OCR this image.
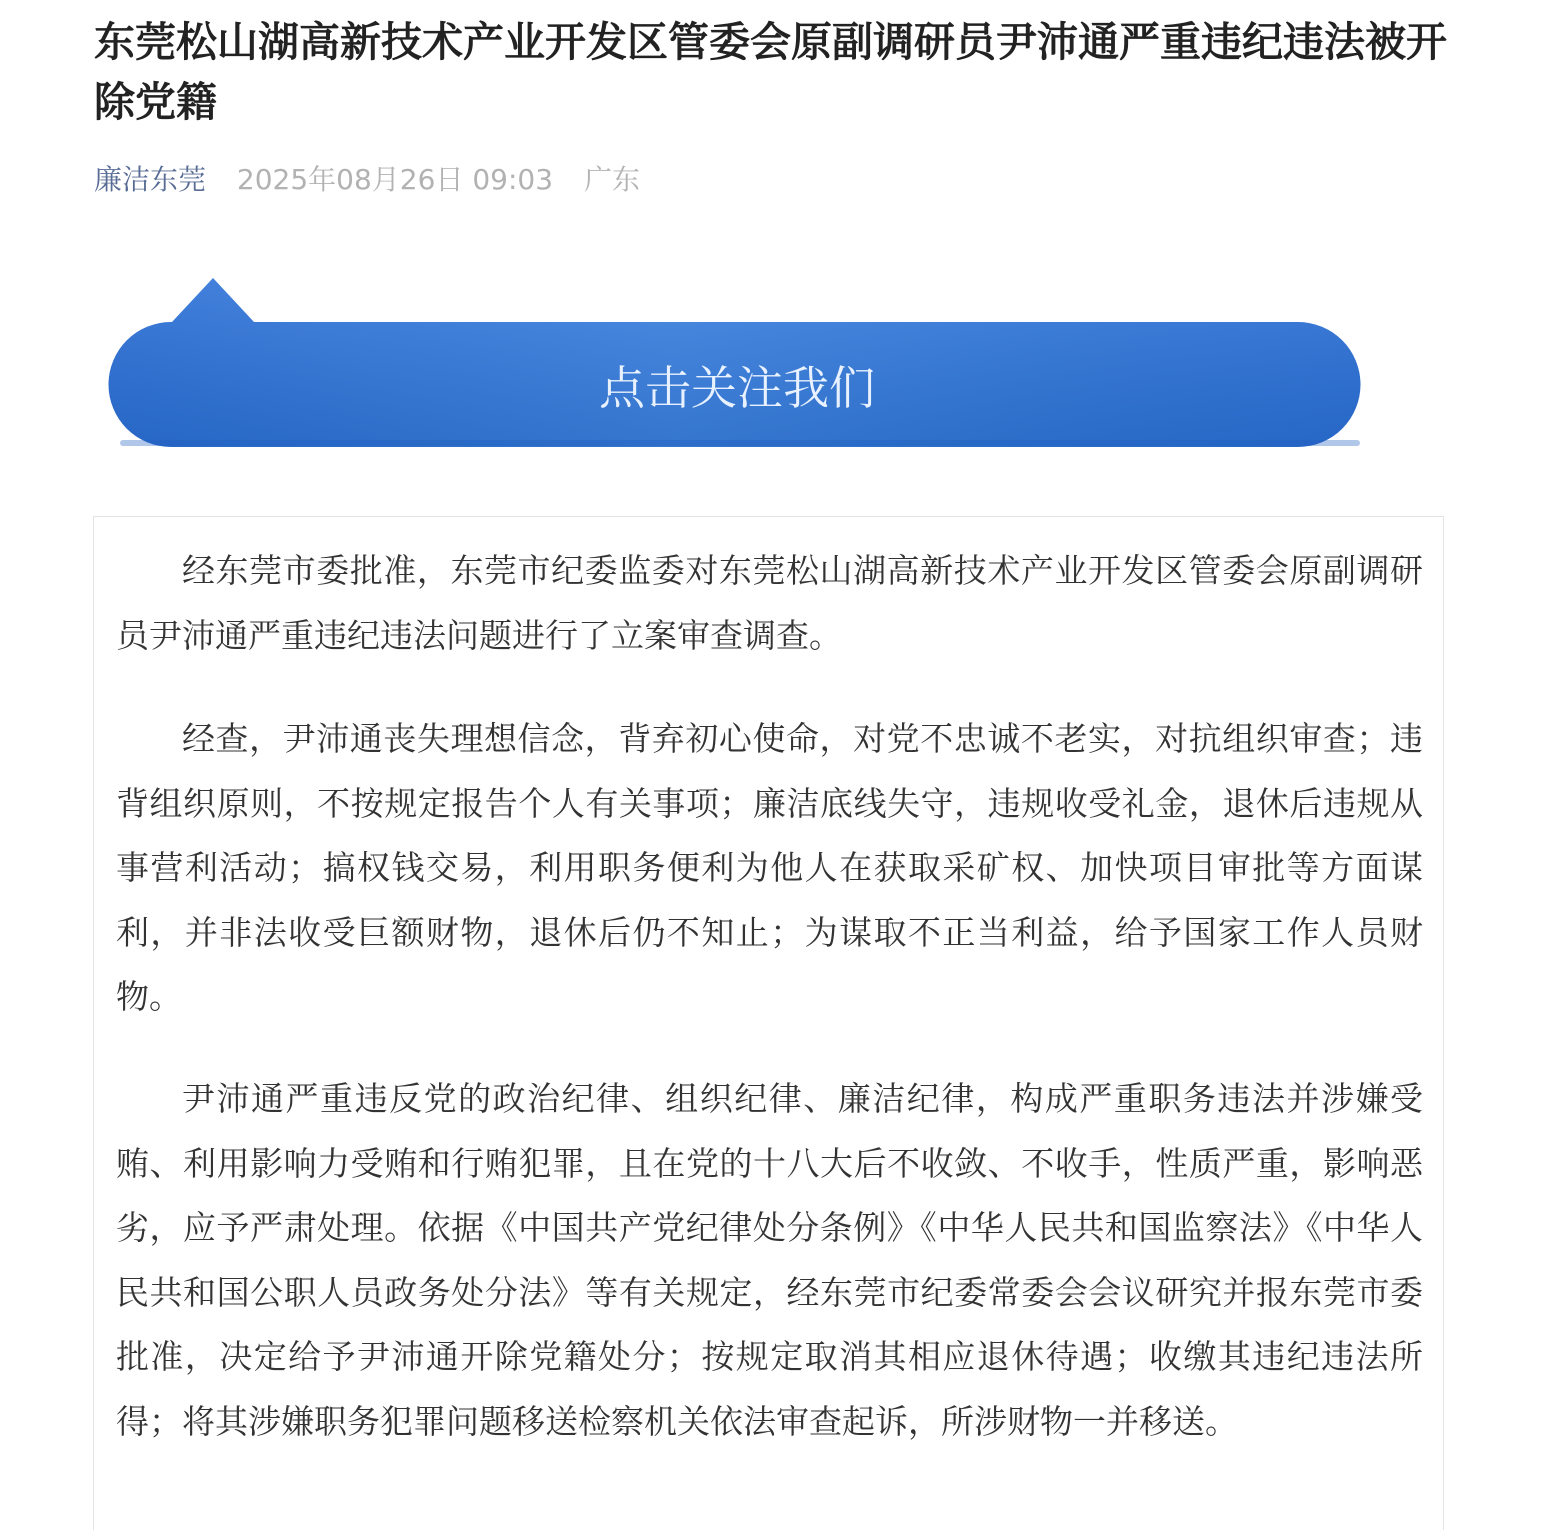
东莞松山湖高新技术产业开发区管委会原副调研员尹沛通严重违纪违法被开除党籍
廉洁东莞 2025年08月26日 09:03 广东
点击关注我们

经东莞市委批准，东莞市纪委监委对东莞松山湖高新技术产业开发区管委会原副调研员尹沛通严重违纪违法问题进行了立案审查调查。

经查，尹沛通丧失理想信念，背弃初心使命，对党不忠诚不老实，对抗组织审查；违背组织原则，不按规定报告个人有关事项；廉洁底线失守，违规收受礼金，退休后违规从事营利活动；搞权钱交易，利用职务便利为他人在获取采矿权、加快项目审批等方面谋利，并非法收受巨额财物，退休后仍不知止；为谋取不正当利益，给予国家工作人员财物。

尹沛通严重违反党的政治纪律、组织纪律、廉洁纪律，构成严重职务违法并涉嫌受贿、利用影响力受贿和行贿犯罪，且在党的十八大后不收敛、不收手，性质严重，影响恶劣，应予严肃处理。依据《中国共产党纪律处分条例》《中华人民共和国监察法》《中华人民共和国公职人员政务处分法》等有关规定，经东莞市纪委常委会会议研究并报东莞市委批准，决定给予尹沛通开除党籍处分；按规定取消其相应退休待遇；收缴其违纪违法所得；将其涉嫌职务犯罪问题移送检察机关依法审查起诉，所涉财物一并移送。
